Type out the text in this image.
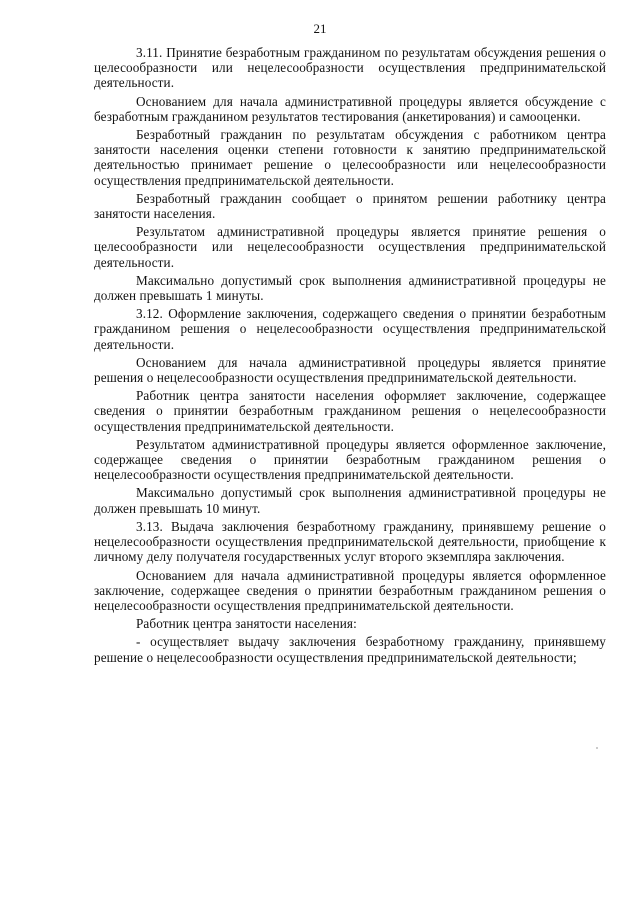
21

3.11. Принятие безработным гражданином по результатам обсуждения решения о целесообразности или нецелесообразности осуществления предпринимательской деятельности.

Основанием для начала административной процедуры является обсуждение с безработным гражданином результатов тестирования (анкетирования) и самооценки.

Безработный гражданин по результатам обсуждения с работником центра занятости населения оценки степени готовности к занятию предпринимательской деятельностью принимает решение о целесообразности или нецелесообразности осуществления предпринимательской деятельности.

Безработный гражданин сообщает о принятом решении работнику центра занятости населения.

Результатом административной процедуры является принятие решения о целесообразности или нецелесообразности осуществления предпринимательской деятельности.

Максимально допустимый срок выполнения административной процедуры не должен превышать 1 минуты.

3.12. Оформление заключения, содержащего сведения о принятии безработным гражданином решения о нецелесообразности осуществления предпринимательской деятельности.

Основанием для начала административной процедуры является принятие решения о нецелесообразности осуществления предпринимательской деятельности.

Работник центра занятости населения оформляет заключение, содержащее сведения о принятии безработным гражданином решения о нецелесообразности осуществления предпринимательской деятельности.

Результатом административной процедуры является оформленное заключение, содержащее сведения о принятии безработным гражданином решения о нецелесообразности осуществления предпринимательской деятельности.

Максимально допустимый срок выполнения административной процедуры не должен превышать 10 минут.

3.13. Выдача заключения безработному гражданину, принявшему решение о нецелесообразности осуществления предпринимательской деятельности, приобщение к личному делу получателя государственных услуг второго экземпляра заключения.

Основанием для начала административной процедуры является оформленное заключение, содержащее сведения о принятии безработным гражданином решения о нецелесообразности осуществления предпринимательской деятельности.

Работник центра занятости населения:

- осуществляет выдачу заключения безработному гражданину, принявшему решение о нецелесообразности осуществления предпринимательской деятельности;
